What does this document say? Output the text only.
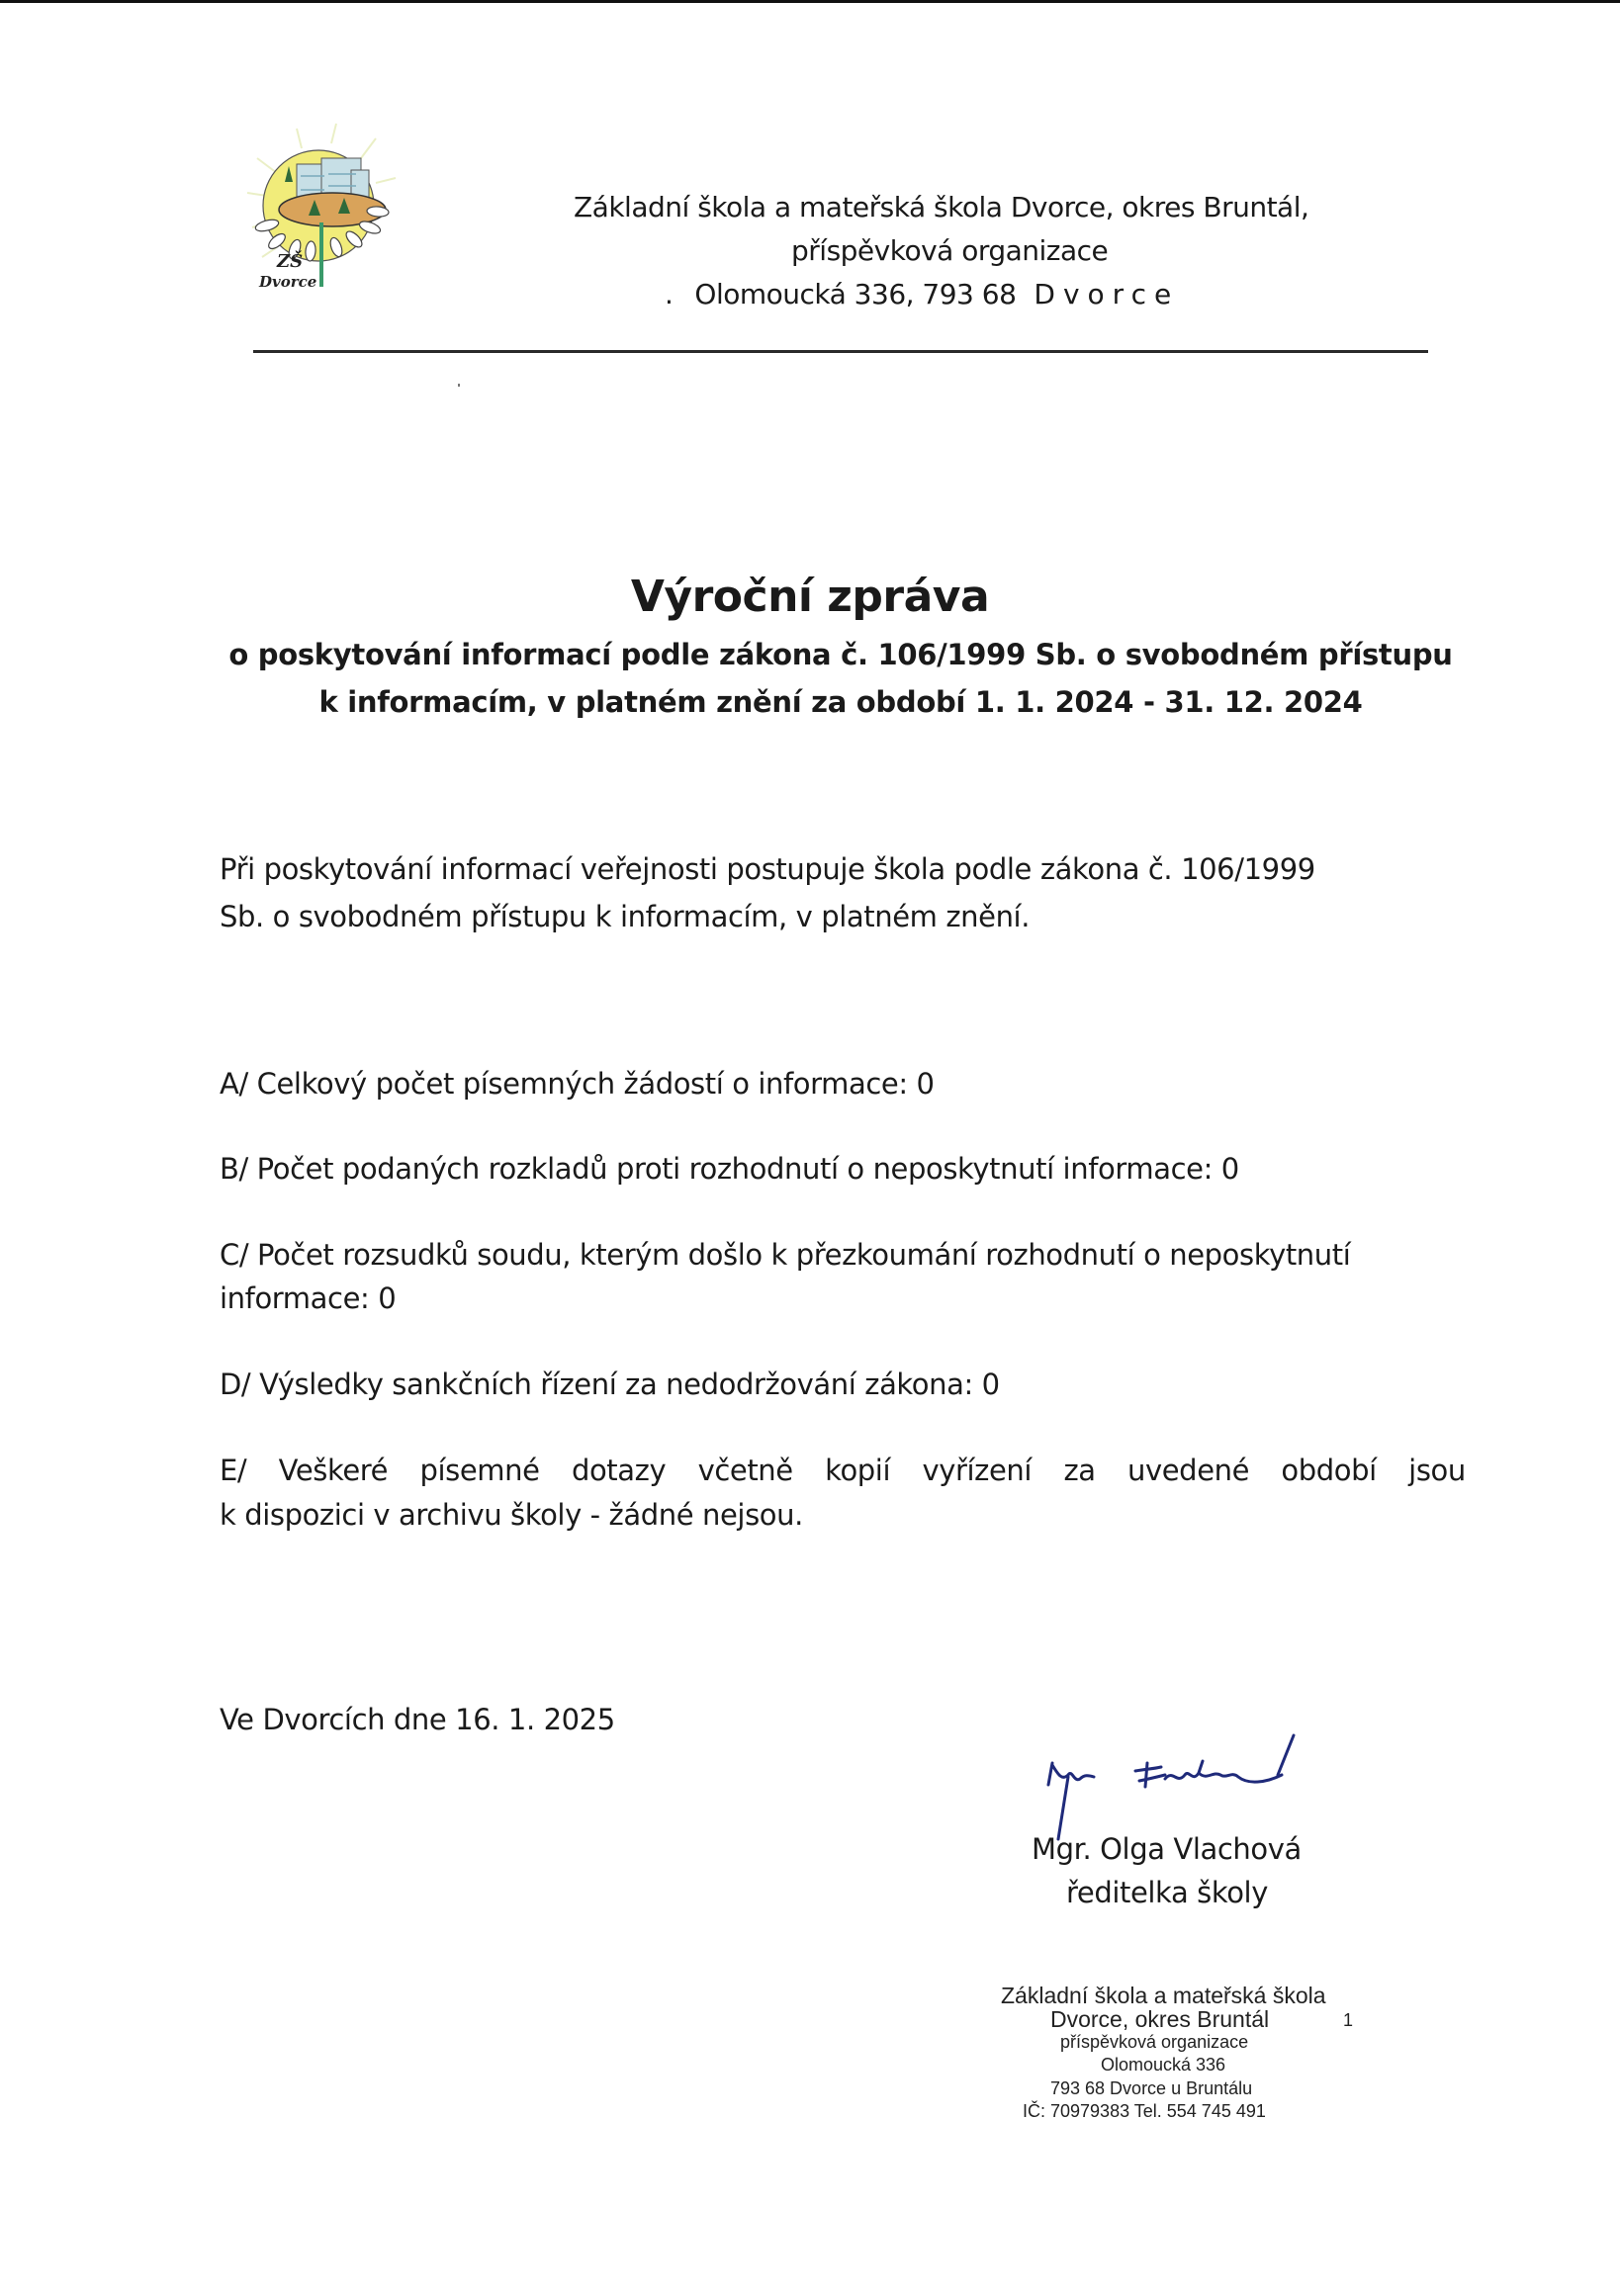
ZŠ
Dvorce
Základní škola a mateřská škola Dvorce, okres Bruntál,
příspěvková organizace
. Olomoucká 336, 793 68 Dvorce
Výroční zpráva
o poskytování informací podle zákona č. 106/1999 Sb. o svobodném přístupu
k informacím, v platném znění za období 1. 1. 2024 - 31. 12. 2024
Při poskytování informací veřejnosti postupuje škola podle zákona č. 106/1999
Sb. o svobodném přístupu k informacím, v platném znění.
A/ Celkový počet písemných žádostí o informace: 0
B/ Počet podaných rozkladů proti rozhodnutí o neposkytnutí informace: 0
C/ Počet rozsudků soudu, kterým došlo k přezkoumání rozhodnutí o neposkytnutí
informace: 0
D/ Výsledky sankčních řízení za nedodržování zákona: 0
E/ Veškeré písemné dotazy včetně kopií vyřízení za uvedené období jsou
k dispozici v archivu školy - žádné nejsou.
Ve Dvorcích dne 16. 1. 2025
Mgr. Olga Vlachová
ředitelka školy
Základní škola a mateřská škola
Dvorce, okres Bruntál	1
příspěvková organizace
Olomoucká 336
793 68 Dvorce u Bruntálu
IČ: 70979383 Tel. 554 745 491
